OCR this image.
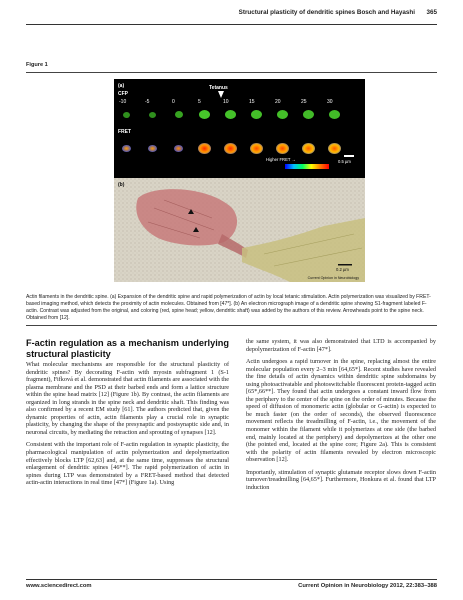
Structural plasticity of dendritic spines Bosch and Hayashi 365
Figure 1
(a)	Tetanus
CFP
-10	-5	0	5	10	15	20	25	30
FRET
Higher FRET →	0.5 µm
(b)
0.2 µm
Current Opinion in Neurobiology
Actin filaments in the dendritic spine. (a) Expansion of the dendritic spine and rapid polymerization of actin by local tetanic stimulation. Actin polymerization was visualized by FRET-based imaging method, which detects the proximity of actin molecules. Obtained from [47*]. (b) An electron micrograph image of a dendritic spine showing S1-fragment labeled F-actin. Contrast was adjusted from the original, and coloring (red, spine head; yellow, dendritic shaft) was added by the authors of this review. Arrowheads point to the spine neck. Obtained from [12].
F-actin regulation as a mechanism underlying structural plasticity

What molecular mechanisms are responsible for the structural plasticity of dendritic spines? By decorating F-actin with myosin subfragment 1 (S-1 fragment), Fifková et al. demonstrated that actin filaments are associated with the plasma membrane and the PSD at their barbed ends and form a lattice structure within the spine head matrix [12] (Figure 1b). By contrast, the actin filaments are organized in long strands in the spine neck and dendritic shaft. This finding was also confirmed by a recent EM study [61]. The authors predicted that, given the dynamic properties of actin, actin filaments play a crucial role in synaptic plasticity, by changing the shape of the presynaptic and postsynaptic side and, in neuronal circuits, by mediating the retraction and sprouting of synapses [12].

Consistent with the important role of F-actin regulation in synaptic plasticity, the pharmacological manipulation of actin polymerization and depolymerization effectively blocks LTP [62,63] and, at the same time, suppresses the structural enlargement of dendritic spines [46**]. The rapid polymerization of actin in spines during LTP was demonstrated by a FRET-based method that detected actin-actin interactions in real time [47*] (Figure 1a). Using

the same system, it was also demonstrated that LTD is accompanied by depolymerization of F-actin [47*].

Actin undergoes a rapid turnover in the spine, replacing almost the entire molecular population every 2–3 min [64,65*]. Recent studies have revealed the fine details of actin dynamics within dendritic spine subdomains by using photoactivatable and photoswitchable fluorescent protein-tagged actin [65*,66**]. They found that actin undergoes a constant inward flow from the periphery to the center of the spine on the order of minutes. Because the speed of diffusion of monomeric actin (globular or G-actin) is expected to be much faster (on the order of seconds), the observed fluorescence movement reflects the treadmilling of F-actin, i.e., the movement of the monomer within the filament while it polymerizes at one side (the barbed end, mainly located at the periphery) and depolymerizes at the other one (the pointed end, located at the spine core; Figure 2a). This is consistent with the polarity of actin filaments revealed by electron microscopic observation [12].

Importantly, stimulation of synaptic glutamate receptor slows down F-actin turnover/treadmilling [64,65*]. Furthermore, Honkura et al. found that LTP induction

www.sciencedirect.com	Current Opinion in Neurobiology 2012, 22:383–388
